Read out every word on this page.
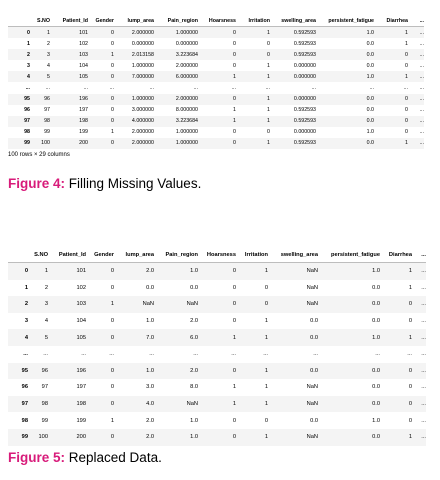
	S.NO	Patient_Id	Gender	lump_area	Pain_region	Hoarsness	Irritation	swelling_area	persistent_fatigue	Diarrhea	...
0	1	101	0	2.000000	1.000000	0	1	0.592593	1.0	1	...
1	2	102	0	0.000000	0.000000	0	0	0.592593	0.0	1	...
2	3	103	1	2.013158	3.223684	0	0	0.592593	0.0	0	...
3	4	104	0	1.000000	2.000000	0	1	0.000000	0.0	0	...
4	5	105	0	7.000000	6.000000	1	1	0.000000	1.0	1	...
...	...	...	...	...	...	...	...	...	...	...	...
95	96	196	0	1.000000	2.000000	0	1	0.000000	0.0	0	...
96	97	197	0	3.000000	8.000000	1	1	0.592593	0.0	0	...
97	98	198	0	4.000000	3.223684	1	1	0.592593	0.0	0	...
98	99	199	1	2.000000	1.000000	0	0	0.000000	1.0	0	...
99	100	200	0	2.000000	1.000000	0	1	0.592593	0.0	1	...
100 rows × 29 columns
Figure 4: Filling Missing Values.
	S.NO	Patient_Id	Gender	lump_area	Pain_region	Hoarsness	Irritation	swelling_area	persistent_fatigue	Diarrhea	...
0	1	101	0	2.0	1.0	0	1	NaN	1.0	1	...
1	2	102	0	0.0	0.0	0	0	NaN	0.0	1	...
2	3	103	1	NaN	NaN	0	0	NaN	0.0	0	...
3	4	104	0	1.0	2.0	0	1	0.0	0.0	0	...
4	5	105	0	7.0	6.0	1	1	0.0	1.0	1	...
...	...	...	...	...	...	...	...	...	...	...	...
95	96	196	0	1.0	2.0	0	1	0.0	0.0	0	...
96	97	197	0	3.0	8.0	1	1	NaN	0.0	0	...
97	98	198	0	4.0	NaN	1	1	NaN	0.0	0	...
98	99	199	1	2.0	1.0	0	0	0.0	1.0	0	...
99	100	200	0	2.0	1.0	0	1	NaN	0.0	1	...
Figure 5: Replaced Data.
